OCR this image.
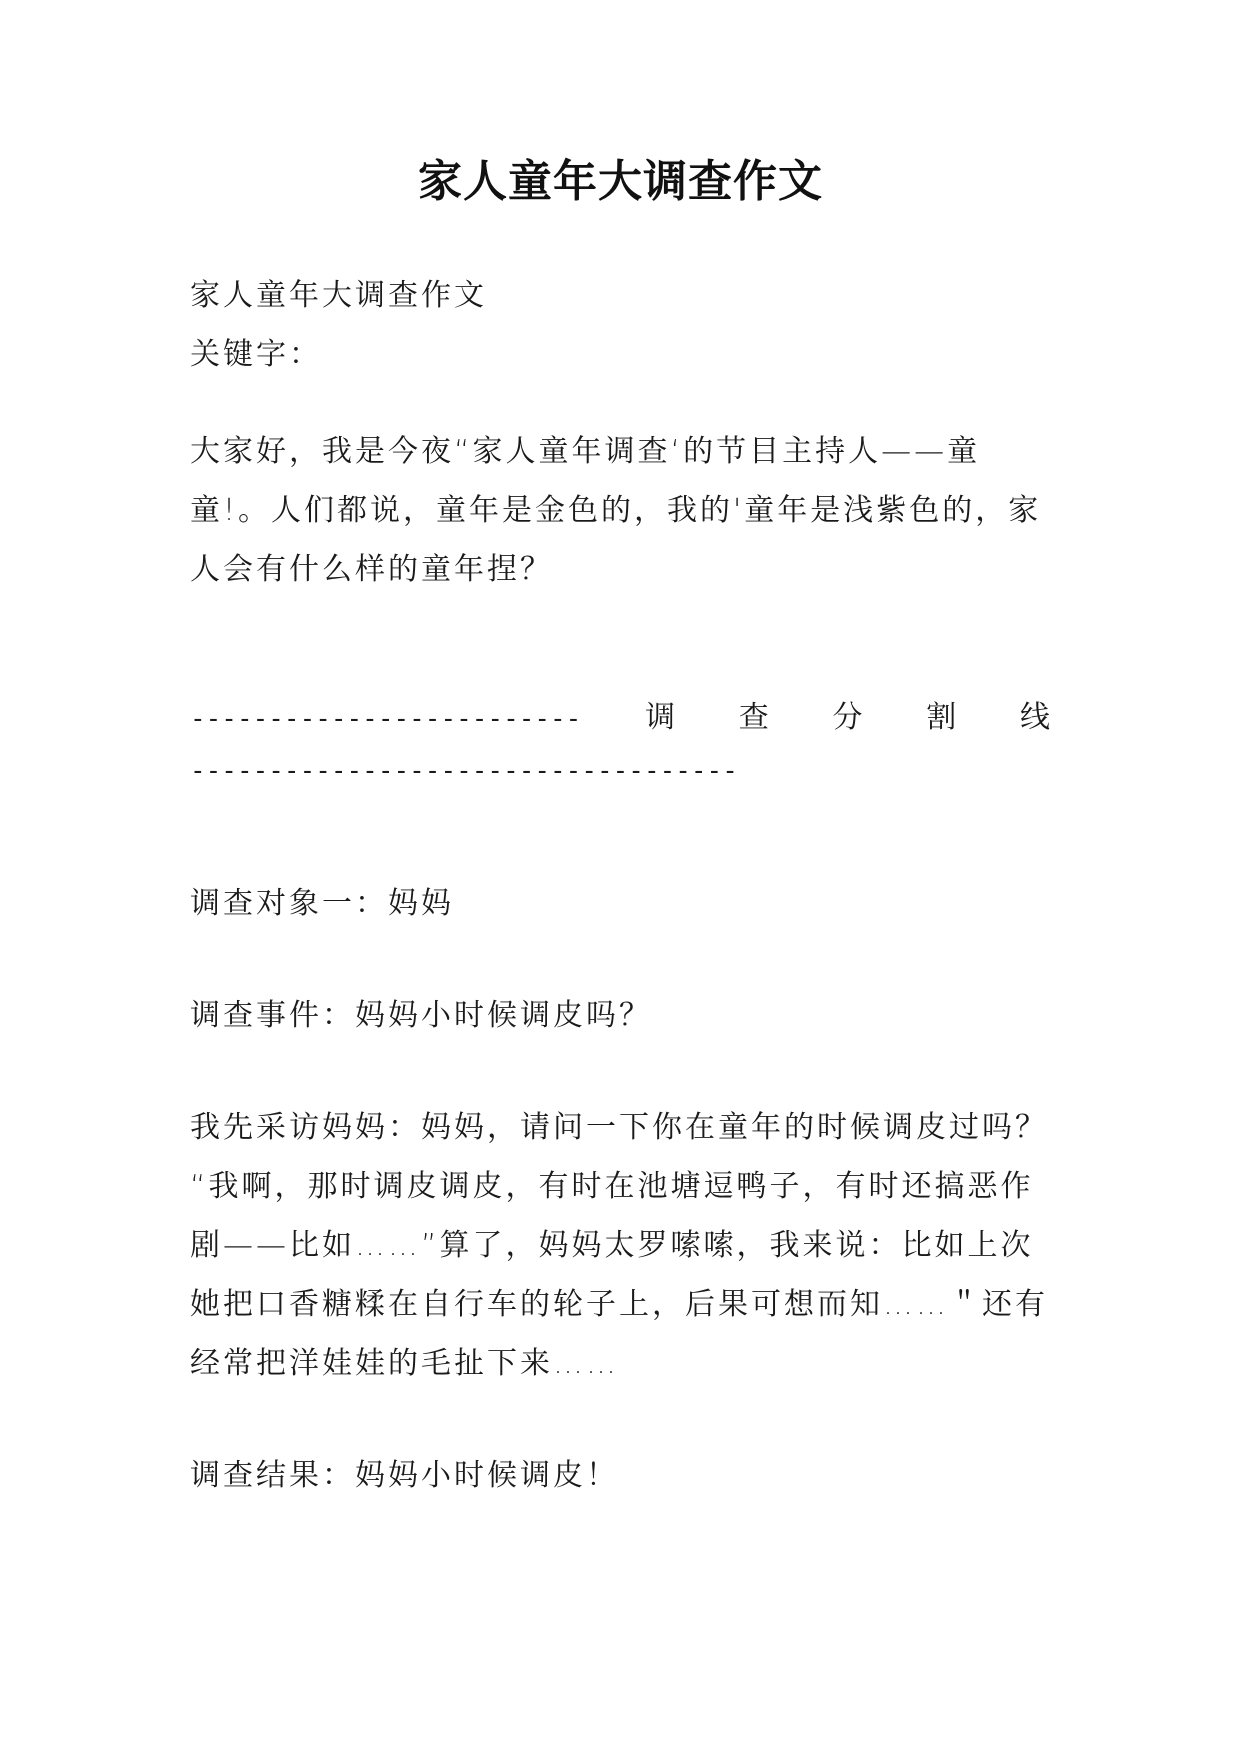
家人童年大调查作文
家人童年大调查作文
关键字：
大家好，我是今夜“家人童年调查‘的节目主持人——童
童!。人们都说，童年是金色的，我的'童年是浅紫色的，家
人会有什么样的童年捏？
------------------------- 调 查 分 割 线
-----------------------------------
调查对象一：妈妈
调查事件：妈妈小时候调皮吗？
我先采访妈妈：妈妈，请问一下你在童年的时候调皮过吗？
“我啊，那时调皮调皮，有时在池塘逗鸭子，有时还搞恶作
剧——比如……”算了，妈妈太罗嗦嗦，我来说：比如上次
她把口香糖糅在自行车的轮子上，后果可想而知……＂还有
经常把洋娃娃的毛扯下来……
调查结果：妈妈小时候调皮！
